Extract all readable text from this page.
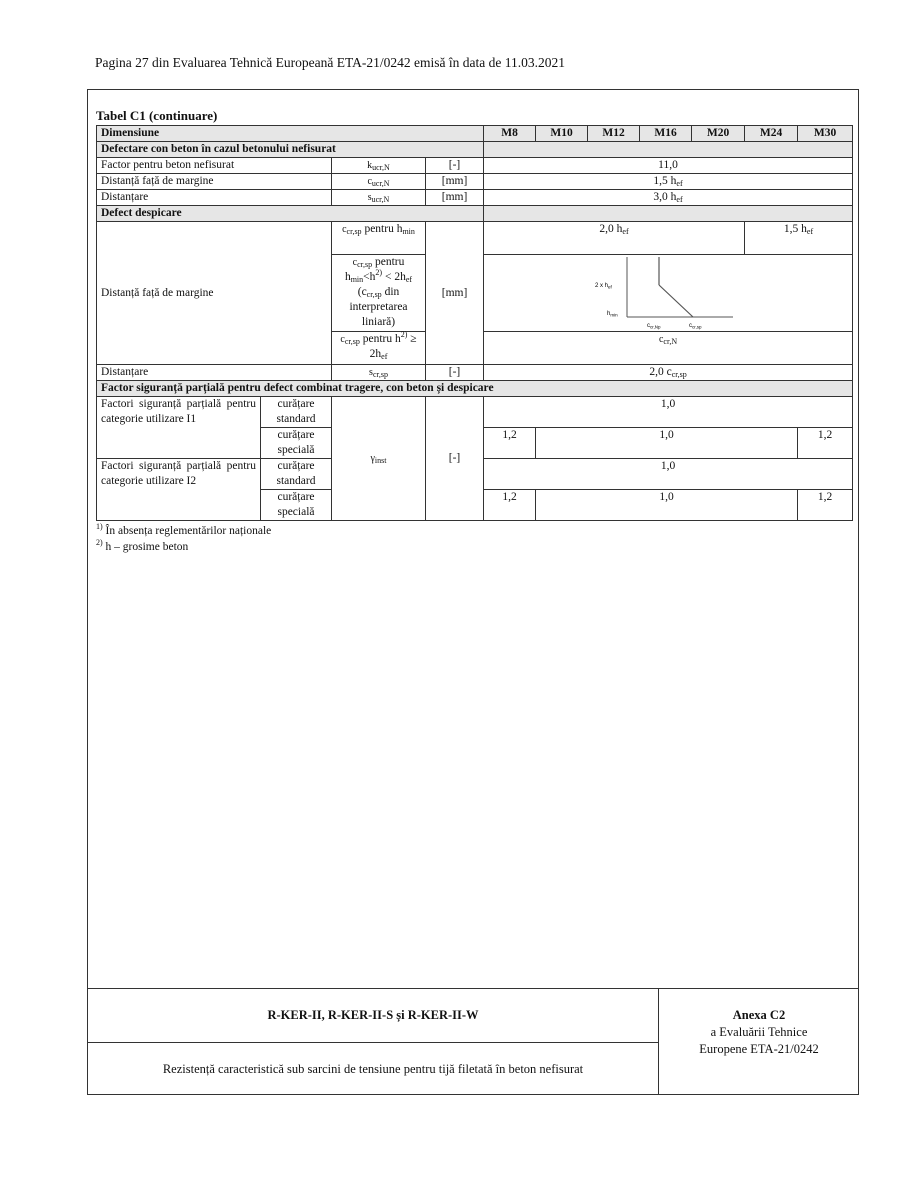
Pagina 27 din Evaluarea Tehnică Europeană ETA-21/0242 emisă în data de 11.03.2021
Tabel C1 (continuare)
Dimensiune				M8	M10	M12	M16	M20	M24	M30
Defectare con beton în cazul betonului nefisurat										
Factor pentru beton nefisurat		$k_{ucr,N}$	[-]	11,0						
Distanță față de margine		$c_{ucr,N}$	[mm]	1,5 $h_{ef}$
Distanțare		$s_{ucr,N}$	[mm]	3,0 $h_{ef}$
Defect despicare										
Distanță față de margine		$c_{cr,sp}$ pentru $h_{min}$	[mm]	2,0 $h_{ef}$					1,5 $h_{ef}$
		$c_{cr,sp}$ pentru $h_{min}<h^{2)} < 2h_{ef}$ ($c_{cr,sp}$ din interpretarea liniară)		2 x $h_{ef}$
$h_{min}$
$c_{cr,Np}$ $c_{cr,sp}$

		$c_{cr,sp}$ pentru $h^{2)} \ge 2h_{ef}$		$c_{cr,N}$
Distanțare		$s_{cr,sp}$	[-]	2,0 $c_{cr,sp}$
Factor siguranță parțială pentru defect combinat tragere, con beton și despicare										
Factori siguranță parțială pentru categorie utilizare I1	curățare standard	$\gamma_{inst}$	[-]	1,0						
	curățare specială			1,2	1,0					1,2
Factori siguranță parțială pentru categorie utilizare I2	curățare standard			1,0						
	curățare specială			1,2	1,0					1,2
$^{1)}$ În absența reglementărilor naționale
$^{2)}$ h – grosime beton
R-KER-II, R-KER-II-S și R-KER-II-W
Rezistență caracteristică sub sarcini de tensiune pentru tijă filetată în beton nefisurat
Anexa C2
a Evaluării Tehnice
Europene ETA-21/0242
